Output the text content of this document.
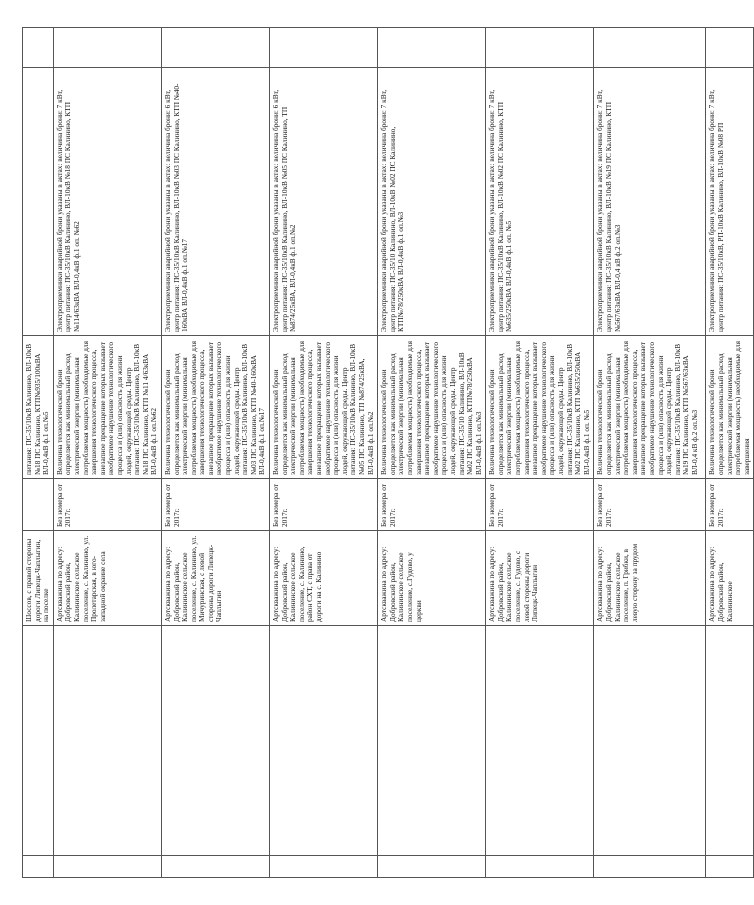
		Шоссов, с правой стороны дороги Липецк-Чаплыгин, на поселке		питания: ПС-35/10кВ Калинино, ВЛ-10кВ №18 ПС Калинино, КТП№935/100кВА ВЛ-0,4кВ ф.1 оп.№5		
		Артскважина по адресу: Добровский район, Калининское сельское поселение, с. Калинино, ул. Пролетарская, в юго-западной окраине села	Без номера от 2017г.	Величина технологической брони определяется как минимальный расход электрической энергии (минимальная потребляемая мощность) необходимые для завершения технологического процесса, внезапное прекращение которых вызывает необратимое нарушение технологического процесса и (или) опасность для жизни людей, окружающей среды. Центр питания: ПС-35/10кВ Калинино, ВЛ-10кВ №18 ПС Калинино, КТП №11 4/63кВА ВЛ-0,4кВ ф.1 оп.№62	Электроприемники аварийной брони указаны в актах: величина брони: 7 кВт, центр питания: ПС-35/10кВ Калинино, ВЛ-10кВ №18 ПС Калинино, КТП №114/63кВА ВЛ-0,4кВ ф.1 оп. №62	
		Артскважина по адресу: Добровский район, Калининское сельское поселение, с. Калинино, ул. Мичуринская, с левой стороны дороги Липецк-Чаплыгин	Без номера от 2017г.	Величина технологической брони определяется как минимальный расход электрической энергии (минимальная потребляемая мощность) необходимые для завершения технологического процесса, внезапное прекращение которых вызывает необратимое нарушение технологического процесса и (или) опасность для жизни людей, окружающей среды. Центр питания: ПС-35/10кВ Калинино, ВЛ-10кВ №03 ПС Калинино, КТП №40-160кВА ВЛ-0,4кВ ф.1 оп.№17	Электроприемники аварийной брони указаны в актах: величина брони: 6 кВт, центр питания: ПС-35/10кВ Калинино, ВЛ-10кВ №03 ПС Калинино, КТП №40-160кВА ВЛ-0,4кВ ф.1 оп.№17	
		Артскважина по адресу: Добровский район, Калининское сельское поселение, с. Калинино, район СХТ, с права от дороги на с. Калинино	Без номера от 2017г.	Величина технологической брони определяется как минимальный расход электрической энергии (минимальная потребляемая мощность) необходимые для завершения технологического процесса, внезапное прекращение которых вызывает необратимое нарушение технологического процесса и (или) опасность для жизни людей, окружающей среды. Центр питания: ПС-35/10кВ Калинино, ВЛ-10кВ №05 ПС Калинино, ТП №874/25кВА, ВЛ-0,4кВ ф.1 оп.№2	Электроприемники аварийной брони указаны в актах: величина брони: 6 кВт, центр питания: ПС-35/10кВ Калинино, ВЛ-10кВ №05 ПС Калинино, ТП №874/25кВА, ВЛ-0,4кВ ф.1 оп.№2	
		Артскважина по адресу: Добровский район, Калининское сельское поселение, с.Гудово, у церкви	Без номера от 2017г.	Величина технологической брони определяется как минимальный расход электрической энергии (минимальная потребляемая мощность) необходимые для завершения технологического процесса, внезапное прекращение которых вызывает необратимое нарушение технологического процесса и (или) опасность для жизни людей, окружающей среды. Центр питания: ПС-35/10 Калинино, ВЛ-10кВ №02 ПС Калинино, КТП№78/250кВА ВЛ-0,4кВ ф.1 оп.№3	Электроприемники аварийной брони указаны в актах: величина брони: 7 кВт, центр питания: ПС-35/10 Калинино, ВЛ-10кВ №02 ПС Калинино, КТП№78/250кВА ВЛ-0,4кВ ф.1 оп.№3	
		Артскважина по адресу: Добровский район, Калининское сельское поселение, с. Гудово, с левой стороны дороги Липецк-Чаплыгин	Без номера от 2017г.	Величина технологической брони определяется как минимальный расход электрической энергии (минимальная потребляемая мощность) необходимые для завершения технологического процесса, внезапное прекращение которых вызывает необратимое нарушение технологического процесса и (или) опасность для жизни людей, окружающей среды. Центр питания: ПС-35/10кВ Калинино, ВЛ-10кВ №02 ПС Калинино, КТП №635/250кВА ВЛ-0,4кВ ф.1 оп. №5	Электроприемники аварийной брони указаны в актах: величина брони: 7 кВт, центр питания: ПС-35/10кВ Калинино, ВЛ-10кВ №02 ПС Калинино, КТП №635/250кВА ВЛ-0,4кВ ф.1 оп. №5	
		Артскважина по адресу: Добровский район, Калининское сельское поселение, п. Грибки, в левую сторону за прудом	Без номера от 2017г.	Величина технологической брони определяется как минимальный расход электрической энергии (минимальная потребляемая мощность) необходимые для завершения технологического процесса, внезапное прекращение которых вызывает необратимое нарушение технологического процесса и (или) опасность для жизни людей, окружающей среды. Центр питания: ПС-35/10кВ Калинино, ВЛ-10кВ №19 ПС Калинино, КТП №567/63кВА ВЛ-0,4 кВ ф.2 оп.№3	Электроприемники аварийной брони указаны в актах: величина брони: 7 кВт, центр питания: ПС-35/10кВ Калинино, ВЛ-10кВ №19 ПС Калинино, КТП №567/63кВА ВЛ-0,4 кВ ф.2 оп.№3	
		Артскважина по адресу: Добровский район, Калининское	Без номера от 2017г.	Величина технологической брони определяется как минимальный расход электрической энергии (минимальная потребляемая мощность) необходимые для завершения	Электроприемники аварийной брони указаны в актах: величина брони: 7 кВт, центр питания: ПС-35/10кВ, РП-10кВ Калинино, ВЛ-10кВ №08 РП	
